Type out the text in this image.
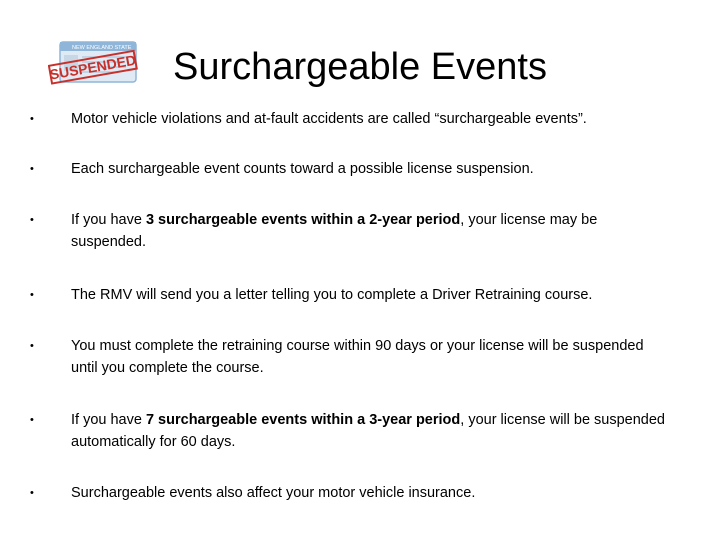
NEW ENGLAND STATE
SUSPENDED Surchargeable Events
•	Motor vehicle violations and at-fault accidents are called “surchargeable events”.
•	Each surchargeable event counts toward a possible license suspension.
•	If you have 3 surchargeable events within a 2-year period, your license may be suspended.
•	The RMV will send you a letter telling you to complete a Driver Retraining course.
•	You must complete the retraining course within 90 days or your license will be suspended until you complete the course.
•	If you have 7 surchargeable events within a 3-year period, your license will be suspended automatically for 60 days.
•	Surchargeable events also affect your motor vehicle insurance.
